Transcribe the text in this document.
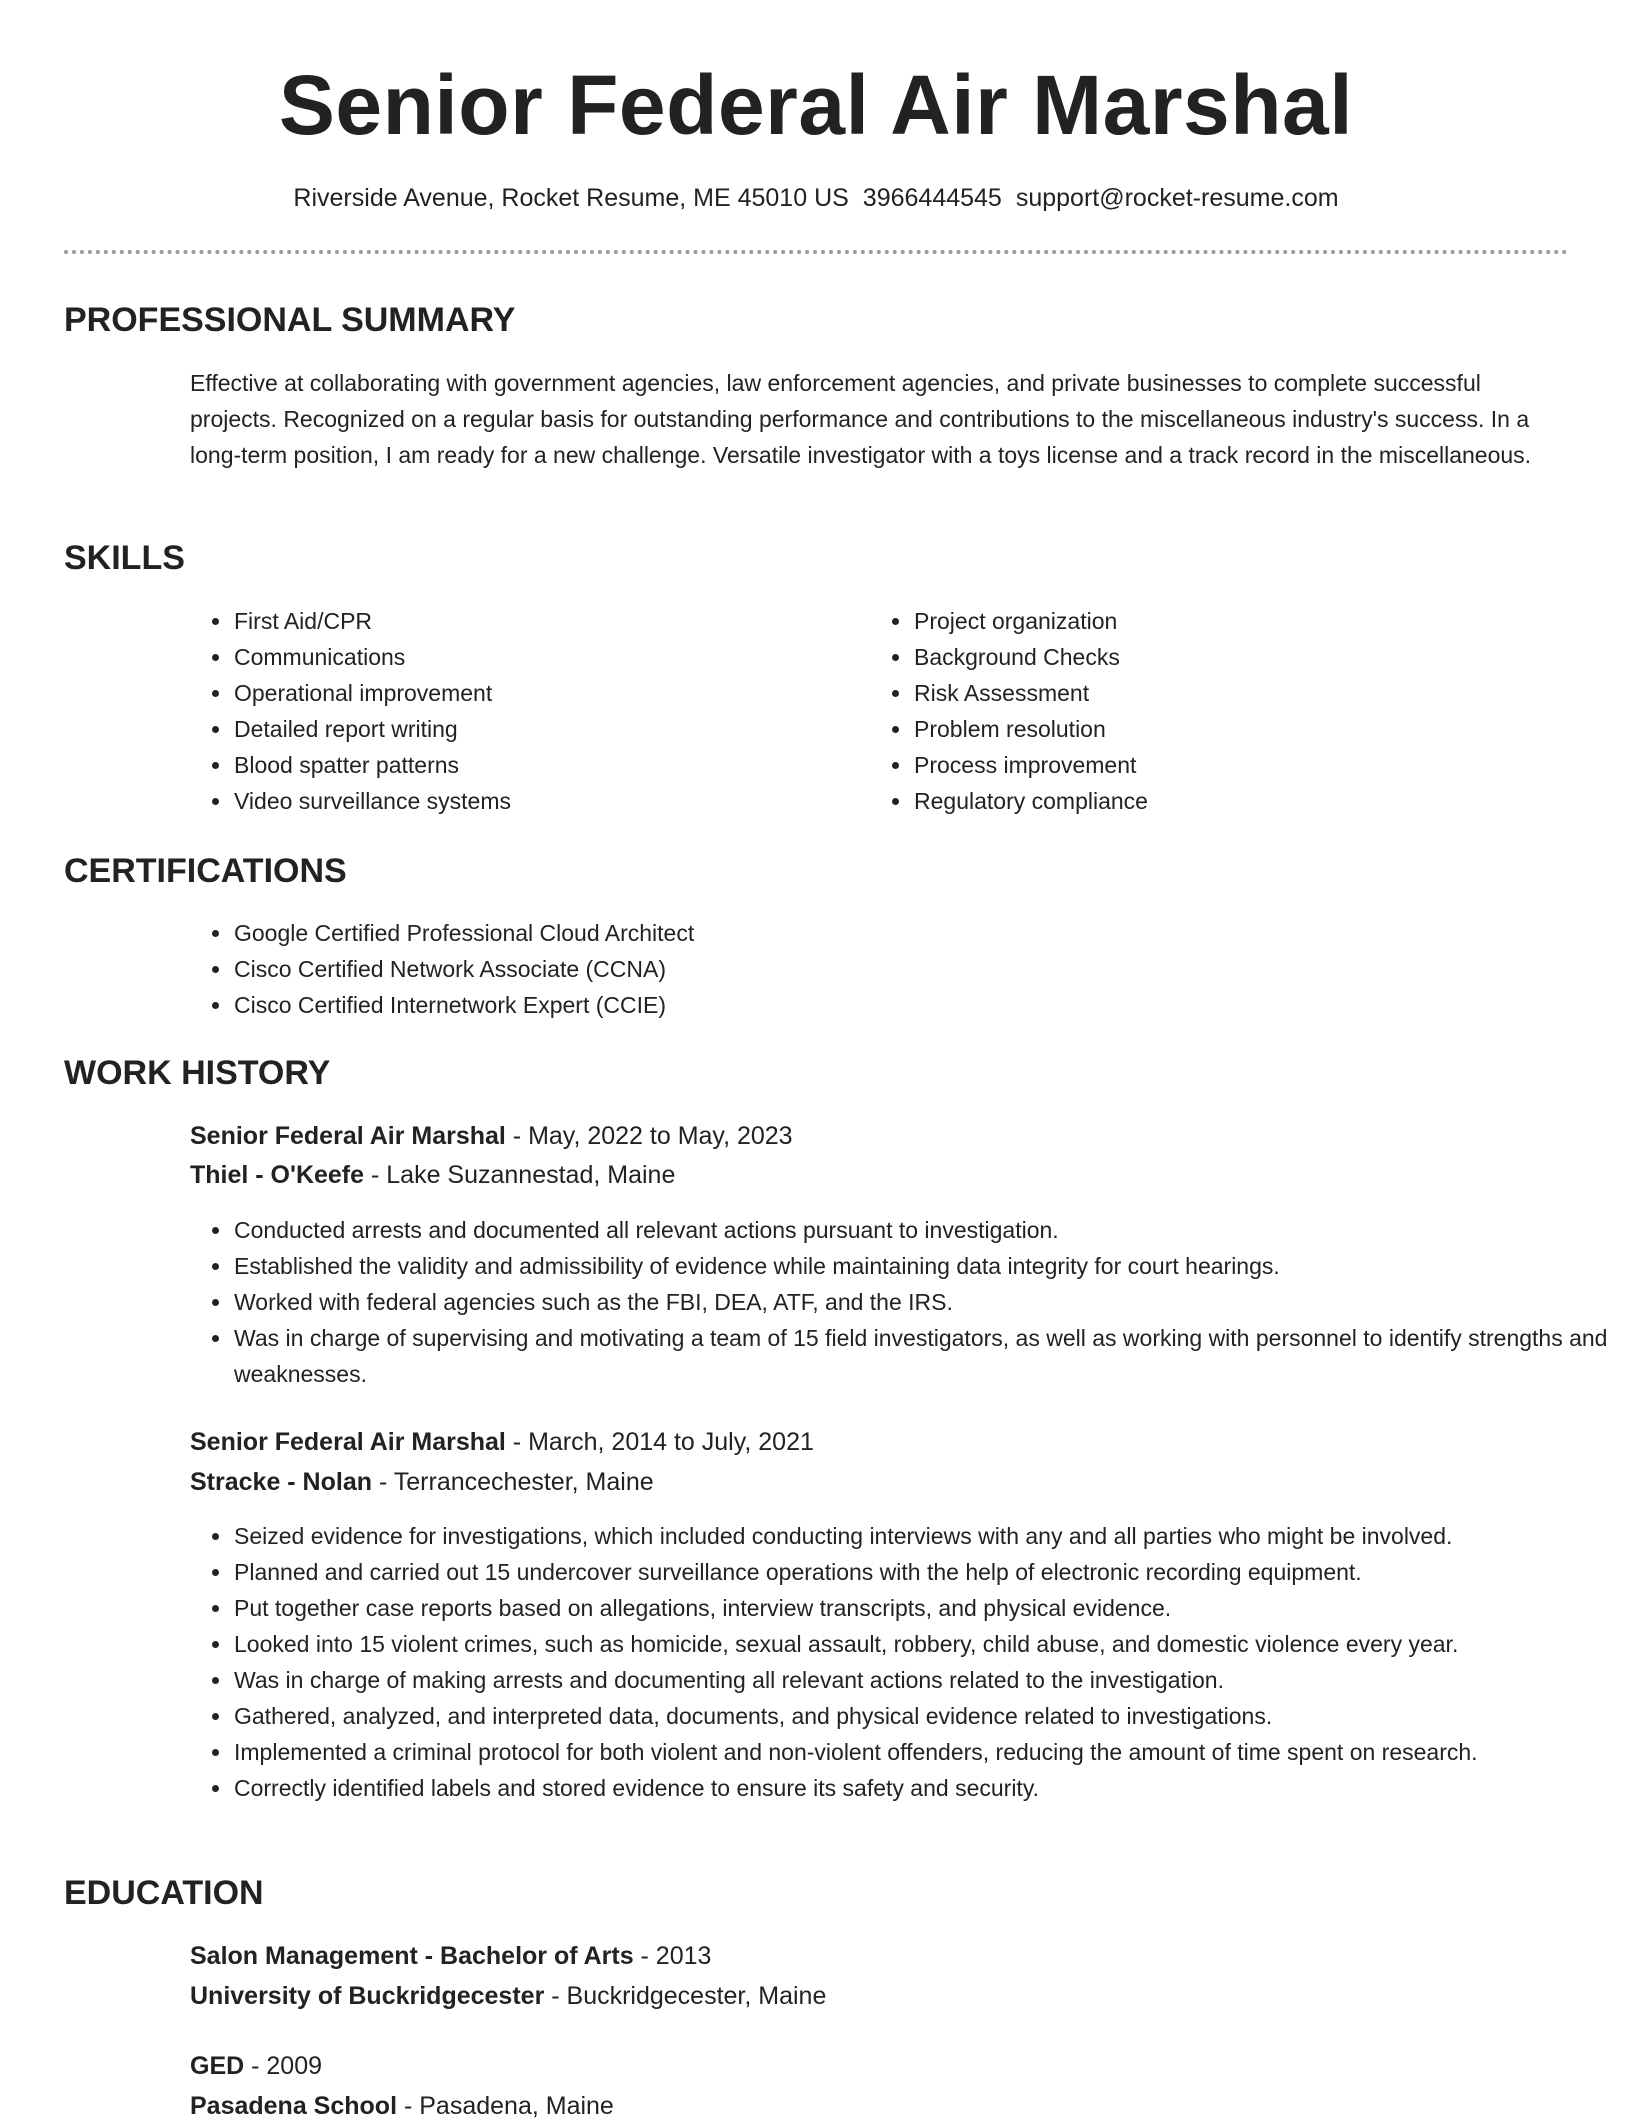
Senior Federal Air Marshal
Riverside Avenue, Rocket Resume, ME 45010 US 3966444545 support@rocket-resume.com
PROFESSIONAL SUMMARY

Effective at collaborating with government agencies, law enforcement agencies, and private businesses to complete successful projects. Recognized on a regular basis for outstanding performance and contributions to the miscellaneous industry's success. In a long-term position, I am ready for a new challenge. Versatile investigator with a toys license and a track record in the miscellaneous.

SKILLS
• First Aid/CPR
• Communications
• Operational improvement
• Detailed report writing
• Blood spatter patterns
• Video surveillance systems
• Project organization
• Background Checks
• Risk Assessment
• Problem resolution
• Process improvement
• Regulatory compliance
CERTIFICATIONS
• Google Certified Professional Cloud Architect
• Cisco Certified Network Associate (CCNA)
• Cisco Certified Internetwork Expert (CCIE)
WORK HISTORY

Senior Federal Air Marshal - May, 2022 to May, 2023

Thiel - O'Keefe - Lake Suzannestad, Maine

• Conducted arrests and documented all relevant actions pursuant to investigation.
• Established the validity and admissibility of evidence while maintaining data integrity for court hearings.
• Worked with federal agencies such as the FBI, DEA, ATF, and the IRS.
• Was in charge of supervising and motivating a team of 15 field investigators, as well as working with personnel to identify strengths and weaknesses.

Senior Federal Air Marshal - March, 2014 to July, 2021

Stracke - Nolan - Terrancechester, Maine

• Seized evidence for investigations, which included conducting interviews with any and all parties who might be involved.
• Planned and carried out 15 undercover surveillance operations with the help of electronic recording equipment.
• Put together case reports based on allegations, interview transcripts, and physical evidence.
• Looked into 15 violent crimes, such as homicide, sexual assault, robbery, child abuse, and domestic violence every year.
• Was in charge of making arrests and documenting all relevant actions related to the investigation.
• Gathered, analyzed, and interpreted data, documents, and physical evidence related to investigations.
• Implemented a criminal protocol for both violent and non-violent offenders, reducing the amount of time spent on research.
• Correctly identified labels and stored evidence to ensure its safety and security.
EDUCATION

Salon Management - Bachelor of Arts - 2013

University of Buckridgecester - Buckridgecester, Maine

GED - 2009

Pasadena School - Pasadena, Maine
